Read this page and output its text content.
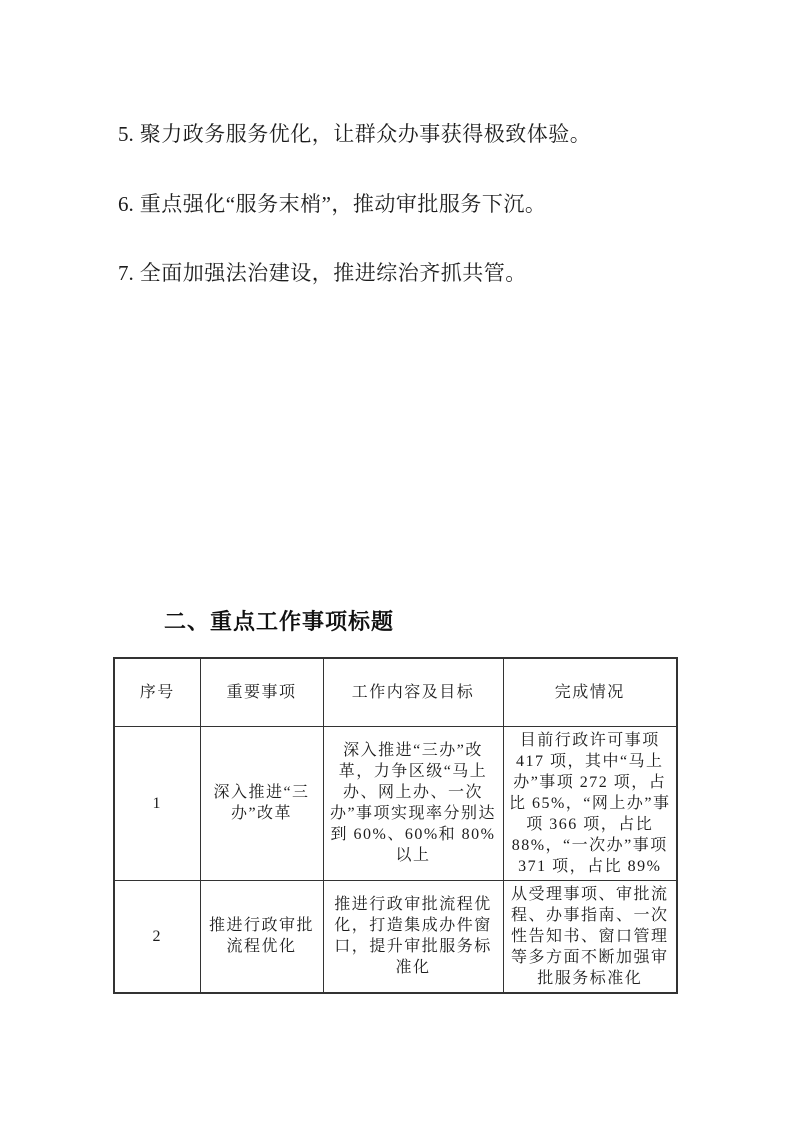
5. 聚力政务服务优化，让群众办事获得极致体验。

6. 重点强化“服务末梢”，推动审批服务下沉。

7. 全面加强法治建设，推进综治齐抓共管。

二、重点工作事项标题
序号	重要事项	工作内容及目标	完成情况
1	深入推进“三办”改革	深入推进“三办”改革，力争区级“马上办、网上办、一次办”事项实现率分别达到 60%、60%和 80%以上	目前行政许可事项 417 项，其中“马上办”事项 272 项，占比 65%，“网上办”事项 366 项，占比 88%，“一次办”事项 371 项，占比 89%
2	推进行政审批流程优化	推进行政审批流程优化，打造集成办件窗口，提升审批服务标准化	从受理事项、审批流程、办事指南、一次性告知书、窗口管理等多方面不断加强审批服务标准化
